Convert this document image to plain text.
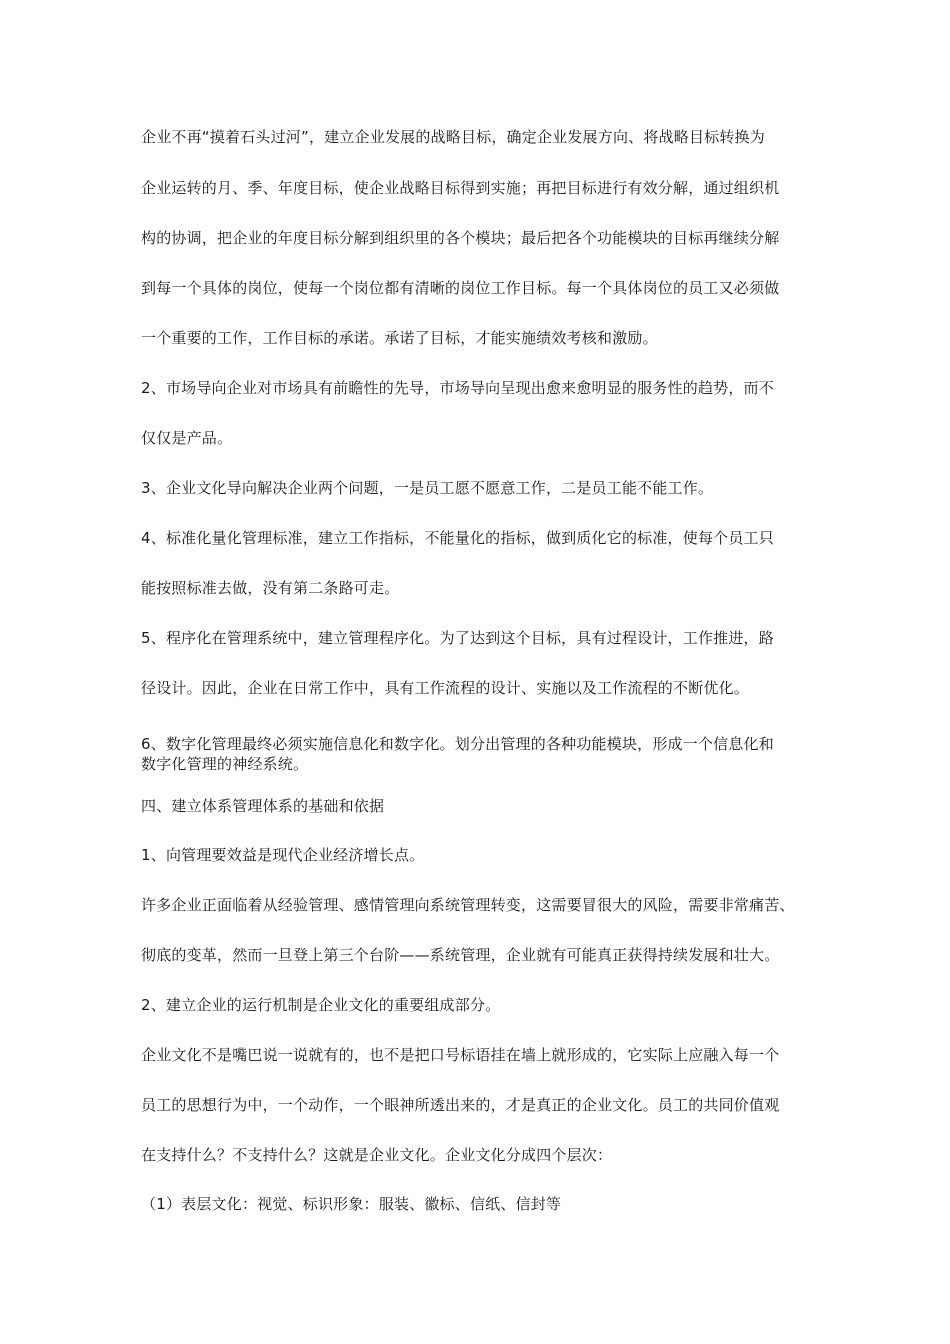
企业不再“摸着石头过河”，建立企业发展的战略目标，确定企业发展方向、将战略目标转换为
企业运转的月、季、年度目标，使企业战略目标得到实施；再把目标进行有效分解，通过组织机
构的协调，把企业的年度目标分解到组织里的各个模块；最后把各个功能模块的目标再继续分解
到每一个具体的岗位，使每一个岗位都有清晰的岗位工作目标。每一个具体岗位的员工又必须做
一个重要的工作，工作目标的承诺。承诺了目标，才能实施绩效考核和激励。
2、市场导向企业对市场具有前瞻性的先导，市场导向呈现出愈来愈明显的服务性的趋势，而不
仅仅是产品。
3、企业文化导向解决企业两个问题，一是员工愿不愿意工作，二是员工能不能工作。
4、标准化量化管理标准，建立工作指标，不能量化的指标，做到质化它的标准，使每个员工只
能按照标准去做，没有第二条路可走。
5、程序化在管理系统中，建立管理程序化。为了达到这个目标，具有过程设计，工作推进，路
径设计。因此，企业在日常工作中，具有工作流程的设计、实施以及工作流程的不断优化。
6、数字化管理最终必须实施信息化和数字化。划分出管理的各种功能模块，形成一个信息化和
数字化管理的神经系统。
四、建立体系管理体系的基础和依据
1、向管理要效益是现代企业经济增长点。
许多企业正面临着从经验管理、感情管理向系统管理转变，这需要冒很大的风险，需要非常痛苦、
彻底的变革，然而一旦登上第三个台阶——系统管理，企业就有可能真正获得持续发展和壮大。
2、建立企业的运行机制是企业文化的重要组成部分。
企业文化不是嘴巴说一说就有的，也不是把口号标语挂在墙上就形成的，它实际上应融入每一个
员工的思想行为中，一个动作，一个眼神所透出来的，才是真正的企业文化。员工的共同价值观
在支持什么？不支持什么？这就是企业文化。企业文化分成四个层次：
（1）表层文化：视觉、标识形象：服装、徽标、信纸、信封等
